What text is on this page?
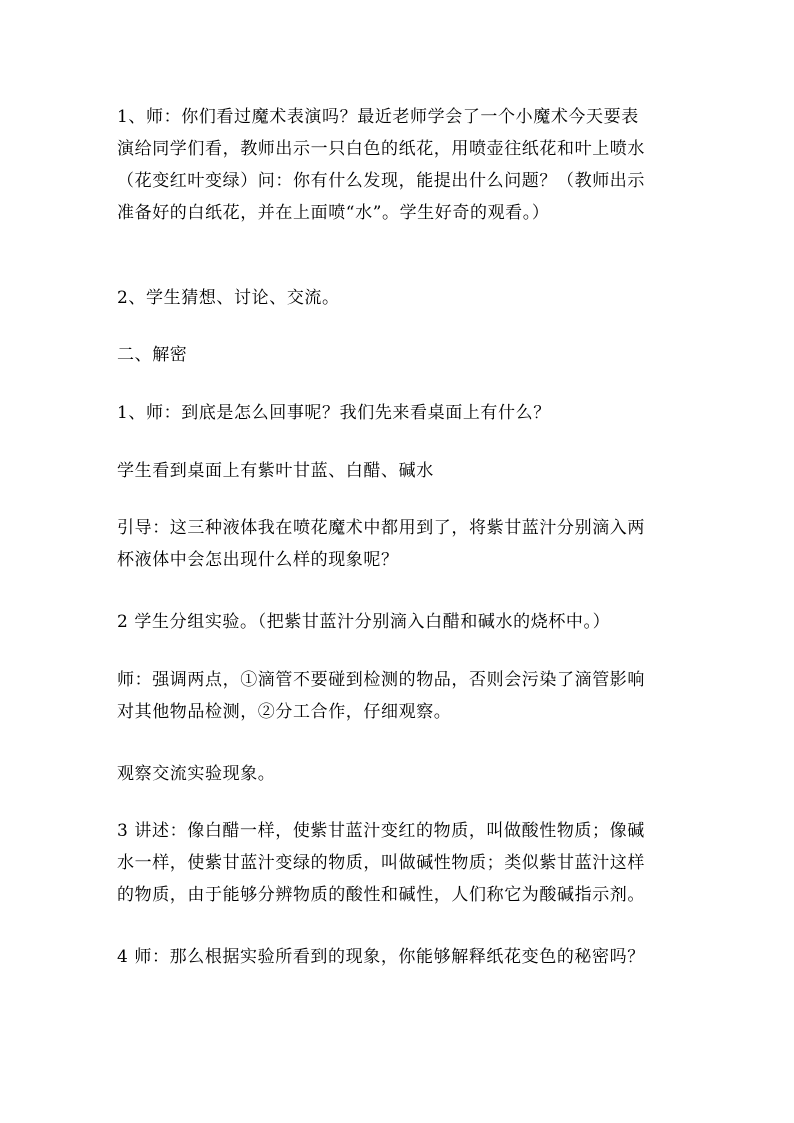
1、师：你们看过魔术表演吗？最近老师学会了一个小魔术今天要表
演给同学们看，教师出示一只白色的纸花，用喷壶往纸花和叶上喷水
（花变红叶变绿）问：你有什么发现，能提出什么问题？（教师出示
准备好的白纸花，并在上面喷“水”。学生好奇的观看。）

2、学生猜想、讨论、交流。

二、解密

1、师：到底是怎么回事呢？我们先来看桌面上有什么？

学生看到桌面上有紫叶甘蓝、白醋、碱水

引导：这三种液体我在喷花魔术中都用到了，将紫甘蓝汁分别滴入两
杯液体中会怎出现什么样的现象呢？

2 学生分组实验。（把紫甘蓝汁分别滴入白醋和碱水的烧杯中。）

师：强调两点，①滴管不要碰到检测的物品，否则会污染了滴管影响
对其他物品检测，②分工合作，仔细观察。

观察交流实验现象。

3 讲述：像白醋一样，使紫甘蓝汁变红的物质，叫做酸性物质；像碱
水一样，使紫甘蓝汁变绿的物质，叫做碱性物质；类似紫甘蓝汁这样
的物质，由于能够分辨物质的酸性和碱性，人们称它为酸碱指示剂。

4 师：那么根据实验所看到的现象，你能够解释纸花变色的秘密吗？
